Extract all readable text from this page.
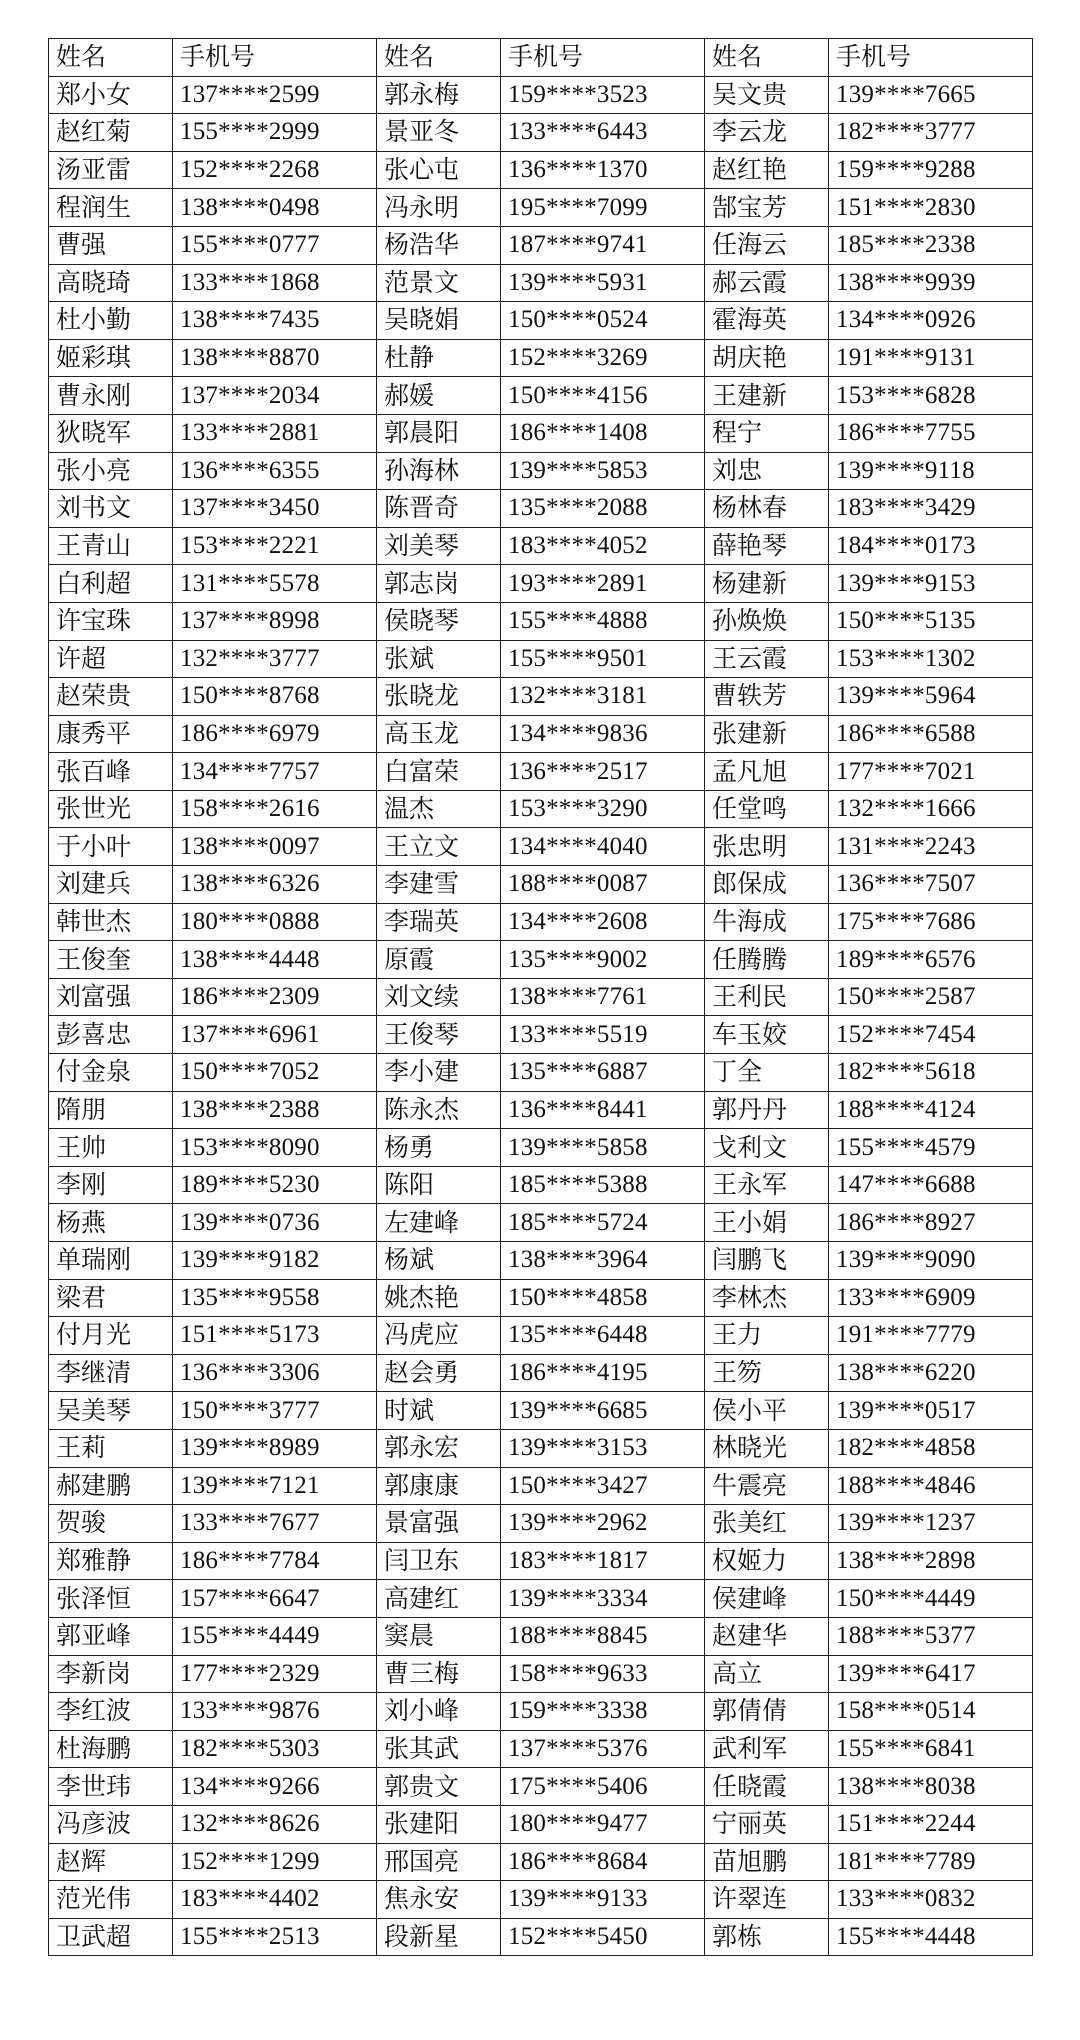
姓名	手机号	姓名	手机号	姓名	手机号
郑小女	137****2599	郭永梅	159****3523	吴文贵	139****7665
赵红菊	155****2999	景亚冬	133****6443	李云龙	182****3777
汤亚雷	152****2268	张心屯	136****1370	赵红艳	159****9288
程润生	138****0498	冯永明	195****7099	郜宝芳	151****2830
曹强	155****0777	杨浩华	187****9741	任海云	185****2338
高晓琦	133****1868	范景文	139****5931	郝云霞	138****9939
杜小勤	138****7435	吴晓娟	150****0524	霍海英	134****0926
姬彩琪	138****8870	杜静	152****3269	胡庆艳	191****9131
曹永刚	137****2034	郝媛	150****4156	王建新	153****6828
狄晓军	133****2881	郭晨阳	186****1408	程宁	186****7755
张小亮	136****6355	孙海林	139****5853	刘忠	139****9118
刘书文	137****3450	陈晋奇	135****2088	杨林春	183****3429
王青山	153****2221	刘美琴	183****4052	薛艳琴	184****0173
白利超	131****5578	郭志岗	193****2891	杨建新	139****9153
许宝珠	137****8998	侯晓琴	155****4888	孙焕焕	150****5135
许超	132****3777	张斌	155****9501	王云霞	153****1302
赵荣贵	150****8768	张晓龙	132****3181	曹轶芳	139****5964
康秀平	186****6979	高玉龙	134****9836	张建新	186****6588
张百峰	134****7757	白富荣	136****2517	孟凡旭	177****7021
张世光	158****2616	温杰	153****3290	任堂鸣	132****1666
于小叶	138****0097	王立文	134****4040	张忠明	131****2243
刘建兵	138****6326	李建雪	188****0087	郎保成	136****7507
韩世杰	180****0888	李瑞英	134****2608	牛海成	175****7686
王俊奎	138****4448	原霞	135****9002	任腾腾	189****6576
刘富强	186****2309	刘文续	138****7761	王利民	150****2587
彭喜忠	137****6961	王俊琴	133****5519	车玉姣	152****7454
付金泉	150****7052	李小建	135****6887	丁全	182****5618
隋朋	138****2388	陈永杰	136****8441	郭丹丹	188****4124
王帅	153****8090	杨勇	139****5858	戈利文	155****4579
李刚	189****5230	陈阳	185****5388	王永军	147****6688
杨燕	139****0736	左建峰	185****5724	王小娟	186****8927
单瑞刚	139****9182	杨斌	138****3964	闫鹏飞	139****9090
梁君	135****9558	姚杰艳	150****4858	李林杰	133****6909
付月光	151****5173	冯虎应	135****6448	王力	191****7779
李继清	136****3306	赵会勇	186****4195	王笏	138****6220
吴美琴	150****3777	时斌	139****6685	侯小平	139****0517
王莉	139****8989	郭永宏	139****3153	林晓光	182****4858
郝建鹏	139****7121	郭康康	150****3427	牛震亮	188****4846
贺骏	133****7677	景富强	139****2962	张美红	139****1237
郑雅静	186****7784	闫卫东	183****1817	权姬力	138****2898
张泽恒	157****6647	高建红	139****3334	侯建峰	150****4449
郭亚峰	155****4449	窦晨	188****8845	赵建华	188****5377
李新岗	177****2329	曹三梅	158****9633	高立	139****6417
李红波	133****9876	刘小峰	159****3338	郭倩倩	158****0514
杜海鹏	182****5303	张其武	137****5376	武利军	155****6841
李世玮	134****9266	郭贵文	175****5406	任晓霞	138****8038
冯彦波	132****8626	张建阳	180****9477	宁丽英	151****2244
赵辉	152****1299	邢国亮	186****8684	苗旭鹏	181****7789
范光伟	183****4402	焦永安	139****9133	许翠连	133****0832
卫武超	155****2513	段新星	152****5450	郭栋	155****4448
